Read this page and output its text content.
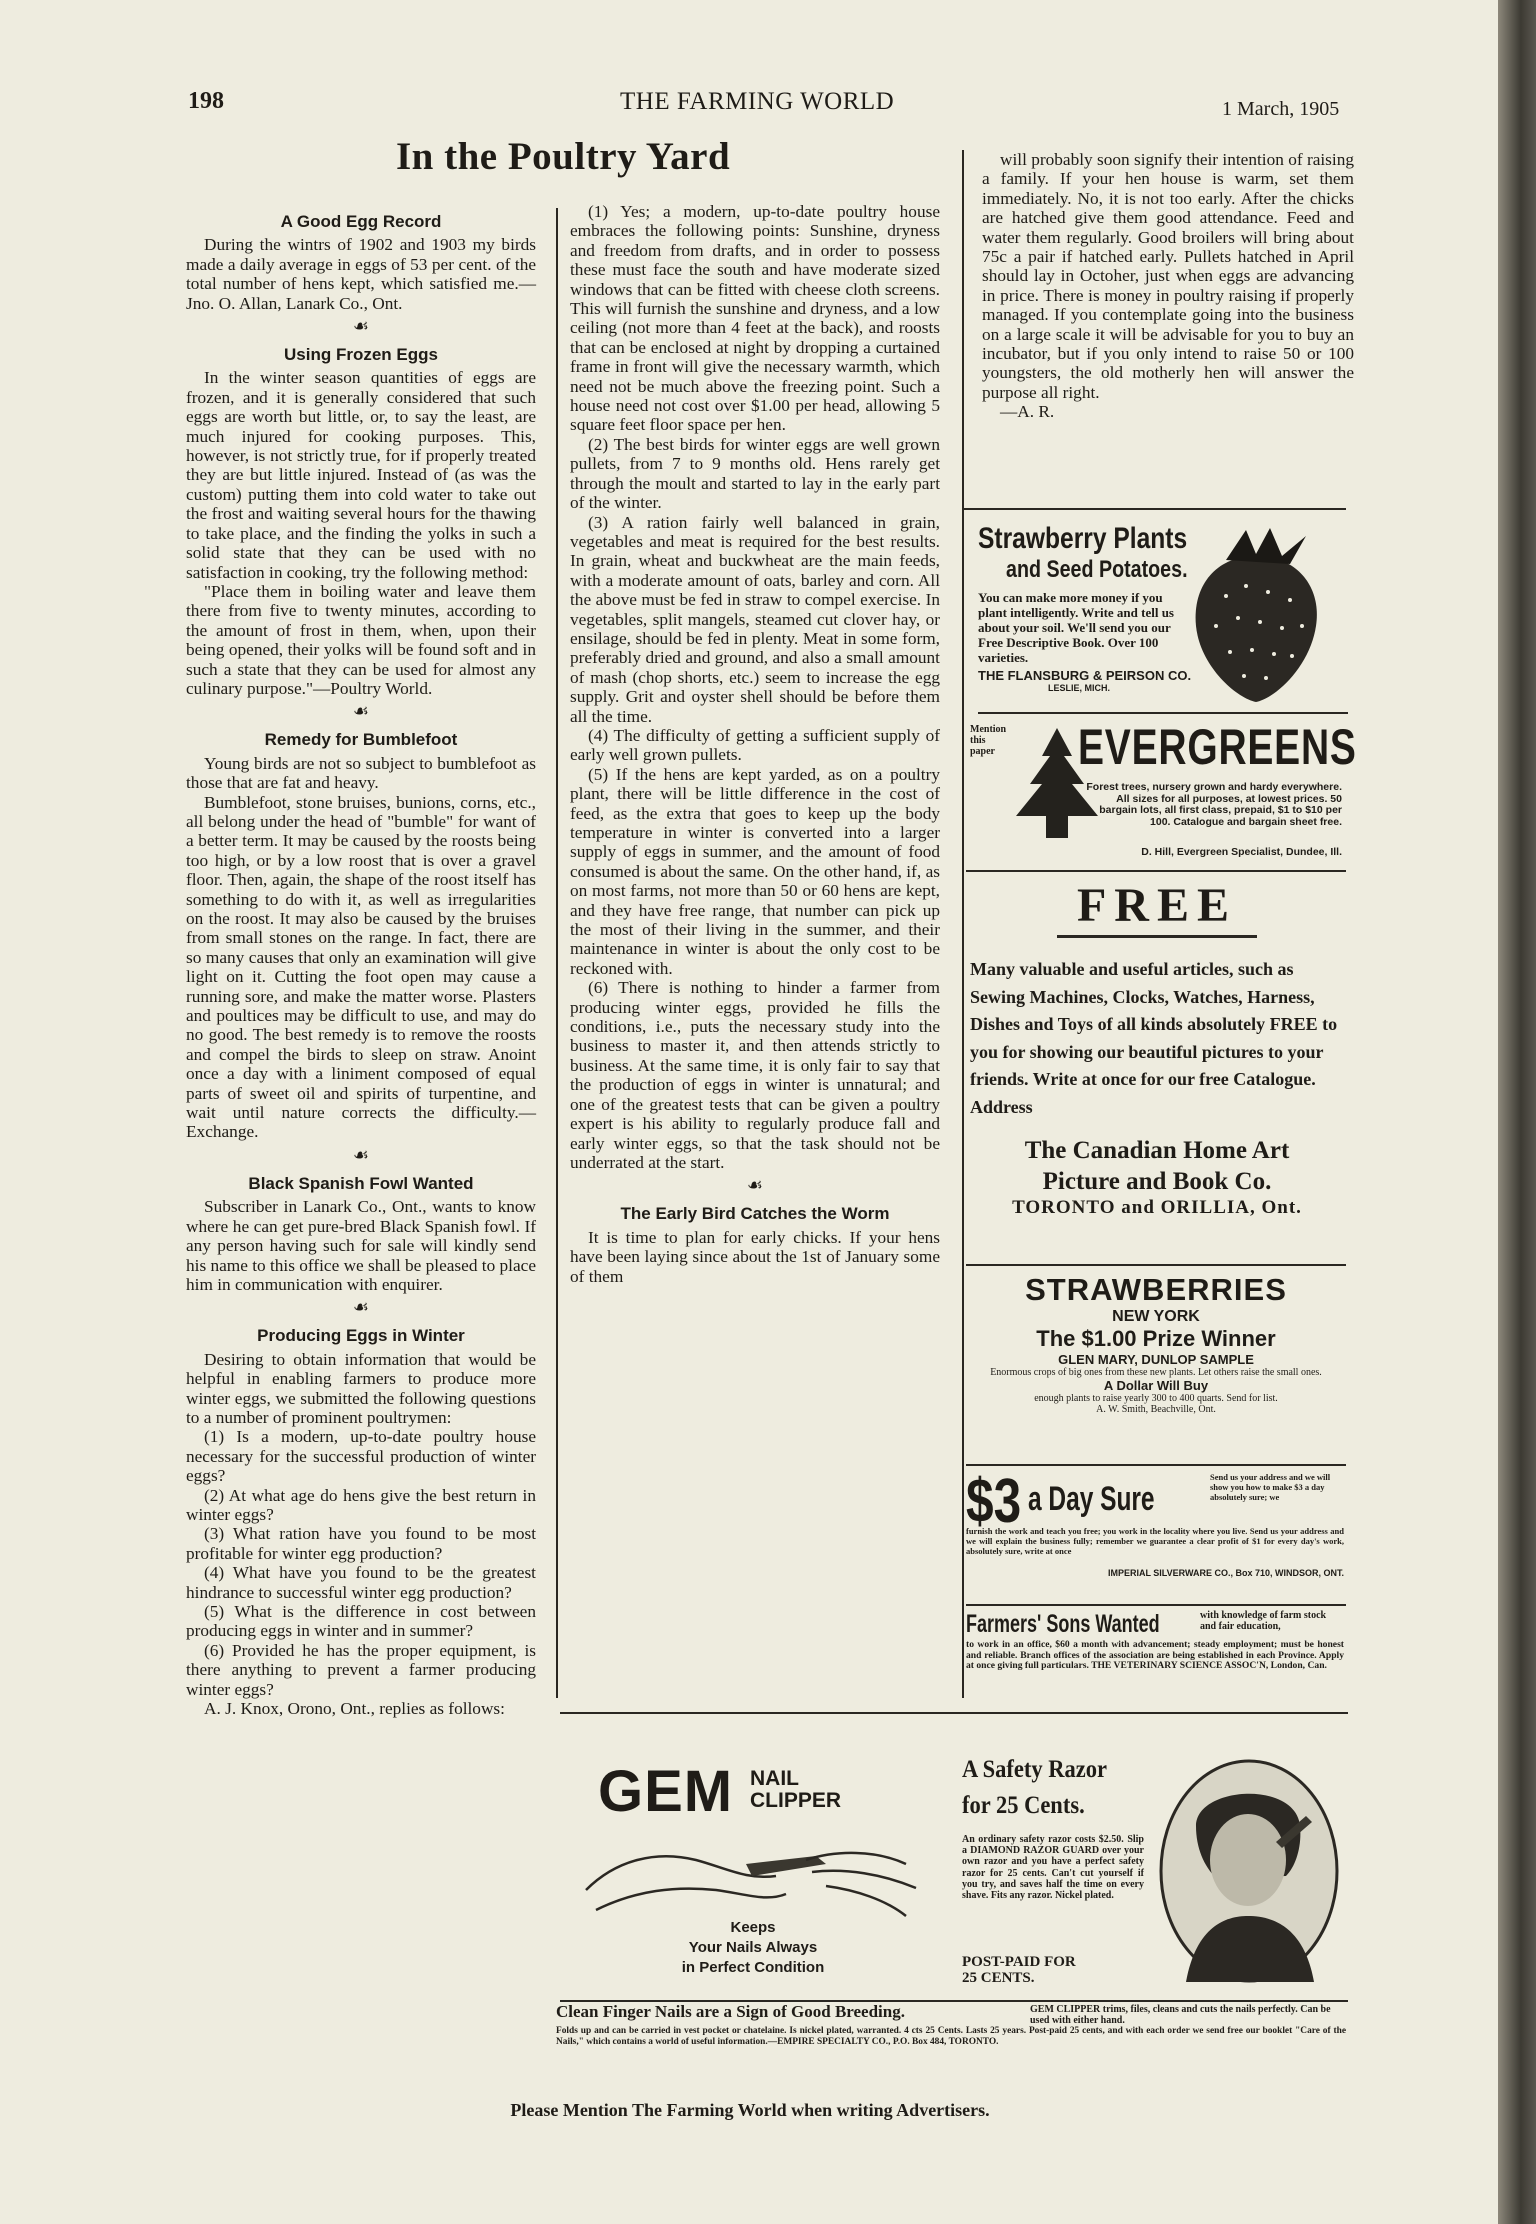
198	THE FARMING WORLD	1 March, 1905
In the Poultry Yard
A Good Egg Record

During the wintrs of 1902 and 1903 my birds made a daily average in eggs of 53 per cent. of the total number of hens kept, which satisfied me.—Jno. O. Allan, Lanark Co., Ont.

☙
Using Frozen Eggs

In the winter season quantities of eggs are frozen, and it is generally considered that such eggs are worth but little, or, to say the least, are much injured for cooking purposes. This, however, is not strictly true, for if properly treated they are but little injured. Instead of (as was the custom) putting them into cold water to take out the frost and waiting several hours for the thawing to take place, and the finding the yolks in such a solid state that they can be used with no satisfaction in cooking, try the following method:

"Place them in boiling water and leave them there from five to twenty minutes, according to the amount of frost in them, when, upon their being opened, their yolks will be found soft and in such a state that they can be used for almost any culinary purpose."—Poultry World.

☙
Remedy for Bumblefoot

Young birds are not so subject to bumblefoot as those that are fat and heavy.

Bumblefoot, stone bruises, bunions, corns, etc., all belong under the head of "bumble" for want of a better term. It may be caused by the roosts being too high, or by a low roost that is over a gravel floor. Then, again, the shape of the roost itself has something to do with it, as well as irregularities on the roost. It may also be caused by the bruises from small stones on the range. In fact, there are so many causes that only an examination will give light on it. Cutting the foot open may cause a running sore, and make the matter worse. Plasters and poultices may be difficult to use, and may do no good. The best remedy is to remove the roosts and compel the birds to sleep on straw. Anoint once a day with a liniment composed of equal parts of sweet oil and spirits of turpentine, and wait until nature corrects the difficulty.—Exchange.

☙
Black Spanish Fowl Wanted

Subscriber in Lanark Co., Ont., wants to know where he can get pure-bred Black Spanish fowl. If any person having such for sale will kindly send his name to this office we shall be pleased to place him in communication with enquirer.

☙
Producing Eggs in Winter

Desiring to obtain information that would be helpful in enabling farmers to produce more winter eggs, we submitted the following questions to a number of prominent poultrymen:

(1) Is a modern, up-to-date poultry house necessary for the successful production of winter eggs?

(2) At what age do hens give the best return in winter eggs?

(3) What ration have you found to be most profitable for winter egg production?

(4) What have you found to be the greatest hindrance to successful winter egg production?

(5) What is the difference in cost between producing eggs in winter and in summer?

(6) Provided he has the proper equipment, is there anything to prevent a farmer producing winter eggs?

A. J. Knox, Orono, Ont., replies as follows:

(1) Yes; a modern, up-to-date poultry house embraces the following points: Sunshine, dryness and freedom from drafts, and in order to possess these must face the south and have moderate sized windows that can be fitted with cheese cloth screens. This will furnish the sunshine and dryness, and a low ceiling (not more than 4 feet at the back), and roosts that can be enclosed at night by dropping a curtained frame in front will give the necessary warmth, which need not be much above the freezing point. Such a house need not cost over $1.00 per head, allowing 5 square feet floor space per hen.

(2) The best birds for winter eggs are well grown pullets, from 7 to 9 months old. Hens rarely get through the moult and started to lay in the early part of the winter.

(3) A ration fairly well balanced in grain, vegetables and meat is required for the best results. In grain, wheat and buckwheat are the main feeds, with a moderate amount of oats, barley and corn. All the above must be fed in straw to compel exercise. In vegetables, split mangels, steamed cut clover hay, or ensilage, should be fed in plenty. Meat in some form, preferably dried and ground, and also a small amount of mash (chop shorts, etc.) seem to increase the egg supply. Grit and oyster shell should be before them all the time.

(4) The difficulty of getting a sufficient supply of early well grown pullets.

(5) If the hens are kept yarded, as on a poultry plant, there will be little difference in the cost of feed, as the extra that goes to keep up the body temperature in winter is converted into a larger supply of eggs in summer, and the amount of food consumed is about the same. On the other hand, if, as on most farms, not more than 50 or 60 hens are kept, and they have free range, that number can pick up the most of their living in the summer, and their maintenance in winter is about the only cost to be reckoned with.

(6) There is nothing to hinder a farmer from producing winter eggs, provided he fills the conditions, i.e., puts the necessary study into the business to master it, and then attends strictly to business. At the same time, it is only fair to say that the production of eggs in winter is unnatural; and one of the greatest tests that can be given a poultry expert is his ability to regularly produce fall and early winter eggs, so that the task should not be underrated at the start.

☙
The Early Bird Catches the Worm

It is time to plan for early chicks. If your hens have been laying since about the 1st of January some of them

will probably soon signify their intention of raising a family. If your hen house is warm, set them immediately. No, it is not too early. After the chicks are hatched give them good attendance. Feed and water them regularly. Good broilers will bring about 75c a pair if hatched early. Pullets hatched in April should lay in Octoher, just when eggs are advancing in price. There is money in poultry raising if properly managed. If you contemplate going into the business on a large scale it will be advisable for you to buy an incubator, but if you only intend to raise 50 or 100 youngsters, the old motherly hen will answer the purpose all right.

—A. R.

Strawberry Plants
and Seed Potatoes.
You can make more money if you plant intelligently. Write and tell us about your soil. We'll send you our Free Descriptive Book. Over 100 varieties.
THE FLANSBURG & PEIRSON CO.
LESLIE, MICH.
Mention this paper	EVERGREENS
Forest trees, nursery grown and hardy everywhere. All sizes for all purposes, at lowest prices. 50 bargain lots, all first class, prepaid, $1 to $10 per 100. Catalogue and bargain sheet free.
D. Hill, Evergreen Specialist, Dundee, Ill.
FREE
Many valuable and useful articles, such as Sewing Machines, Clocks, Watches, Harness, Dishes and Toys of all kinds absolutely FREE to you for showing our beautiful pictures to your friends. Write at once for our free Catalogue. Address
The Canadian Home Art
Picture and Book Co.
TORONTO and ORILLIA, Ont.
STRAWBERRIES
NEW YORK
The $1.00 Prize Winner
GLEN MARY, DUNLOP SAMPLE
Enormous crops of big ones from these new plants. Let others raise the small ones.
A Dollar Will Buy
enough plants to raise yearly 300 to 400 quarts. Send for list.
A. W. Smith, Beachville, Ont.
$3 a Day Sure
Send us your address and we will show you how to make $3 a day absolutely sure; we
furnish the work and teach you free; you work in the locality where you live. Send us your address and we will explain the business fully; remember we guarantee a clear profit of $1 for every day's work, absolutely sure, write at once
IMPERIAL SILVERWARE CO., Box 710, WINDSOR, ONT.
Farmers' Sons Wanted	with knowledge of farm stock and fair education,
to work in an office, $60 a month with advancement; steady employment; must be honest and reliable. Branch offices of the association are being established in each Province. Apply at once giving full particulars. THE VETERINARY SCIENCE ASSOC'N, London, Can.
GEM NAIL
CLIPPER
Keeps
Your Nails Always
in Perfect Condition
A Safety Razor
for 25 Cents.
An ordinary safety razor costs $2.50. Slip a DIAMOND RAZOR GUARD over your own razor and you have a perfect safety razor for 25 cents. Can't cut yourself if you try, and saves half the time on every shave. Fits any razor. Nickel plated.
POST-PAID FOR
25 CENTS.
Clean Finger Nails are a Sign of Good Breeding.	GEM CLIPPER trims, files, cleans and cuts the nails perfectly. Can be used with either hand.
Folds up and can be carried in vest pocket or chatelaine. Is nickel plated, warranted. 4 cts 25 Cents. Lasts 25 years. Post-paid 25 cents, and with each order we send free our booklet "Care of the Nails," which contains a world of useful information.—EMPIRE SPECIALTY CO., P.O. Box 484, TORONTO.
Please Mention The Farming World when writing Advertisers.
